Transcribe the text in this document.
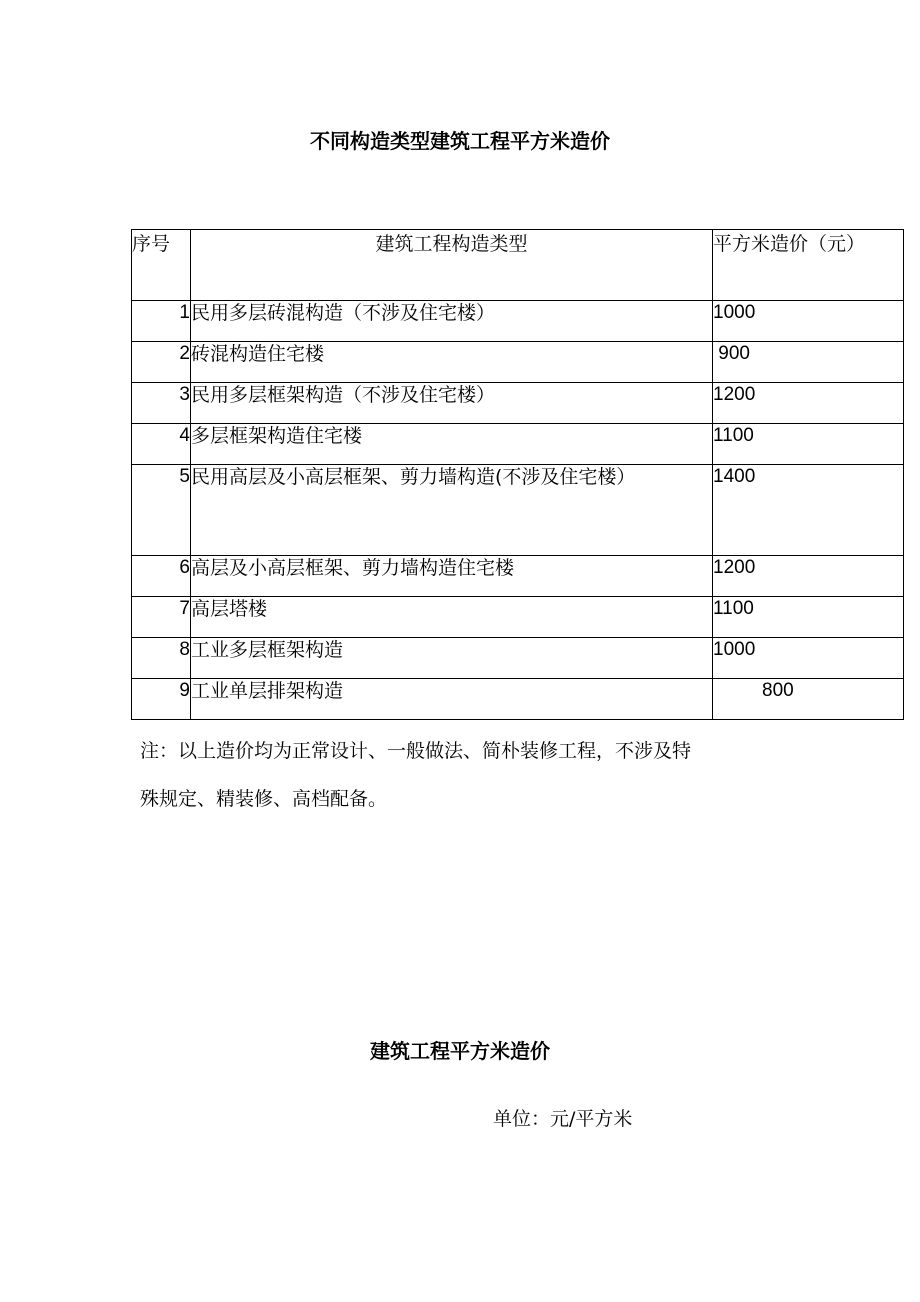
不同构造类型建筑工程平方米造价
序号	建筑工程构造类型	平方米造价（元）
1	民用多层砖混构造（不涉及住宅楼）	1000
2	砖混构造住宅楼	900
3	民用多层框架构造（不涉及住宅楼）	1200
4	多层框架构造住宅楼	1100
5	民用高层及小高层框架、剪力墙构造(不涉及住宅楼）	1400
6	高层及小高层框架、剪力墙构造住宅楼	1200
7	高层塔楼	1100
8	工业多层框架构造	1000
9	工业单层排架构造	800
注：以上造价均为正常设计、一般做法、简朴装修工程，不涉及特
殊规定、精装修、高档配备。
建筑工程平方米造价
单位：元/平方米
